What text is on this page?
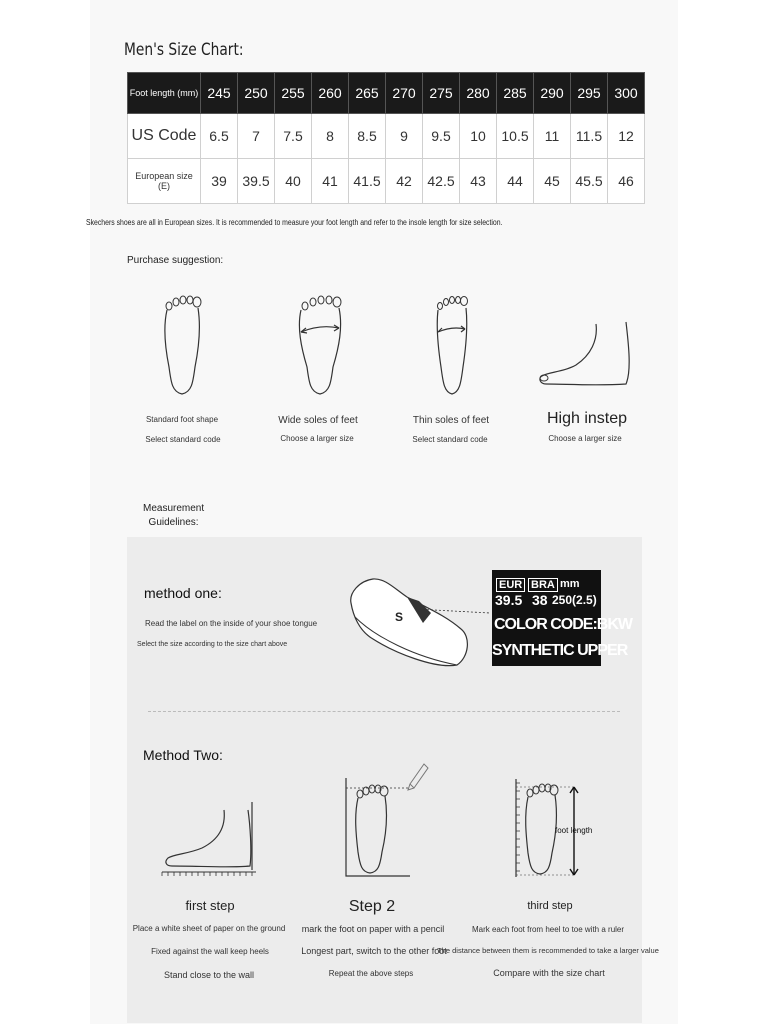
Men's Size Chart:
Foot length (mm)	245	250	255	260	265	270	275	280	285	290	295	300
US Code	6.5	7	7.5	8	8.5	9	9.5	10	10.5	11	11.5	12
European size (E)	39	39.5	40	41	41.5	42	42.5	43	44	45	45.5	46
Skechers shoes are all in European sizes. It is recommended to measure your foot length and refer to the insole length for size selection.
Purchase suggestion:
Standard foot shape
Select standard code
Wide soles of feet
Choose a larger size
Thin soles of feet
Select standard code
High instep
Choose a larger size
Measurement
Guidelines:
method one:
Read the label on the inside of your shoe tongue
Select the size according to the size chart above
S
EUR BRA mm
39.5 38 250(2.5)
COLOR CODE:BKW
SYNTHETIC UPPER
Method Two:
foot length
first step
Place a white sheet of paper on the ground
Fixed against the wall keep heels
Stand close to the wall
Step 2
mark the foot on paper with a pencil
Longest part, switch to the other foot
Repeat the above steps
third step
Mark each foot from heel to toe with a ruler
The distance between them is recommended to take a larger value
Compare with the size chart
